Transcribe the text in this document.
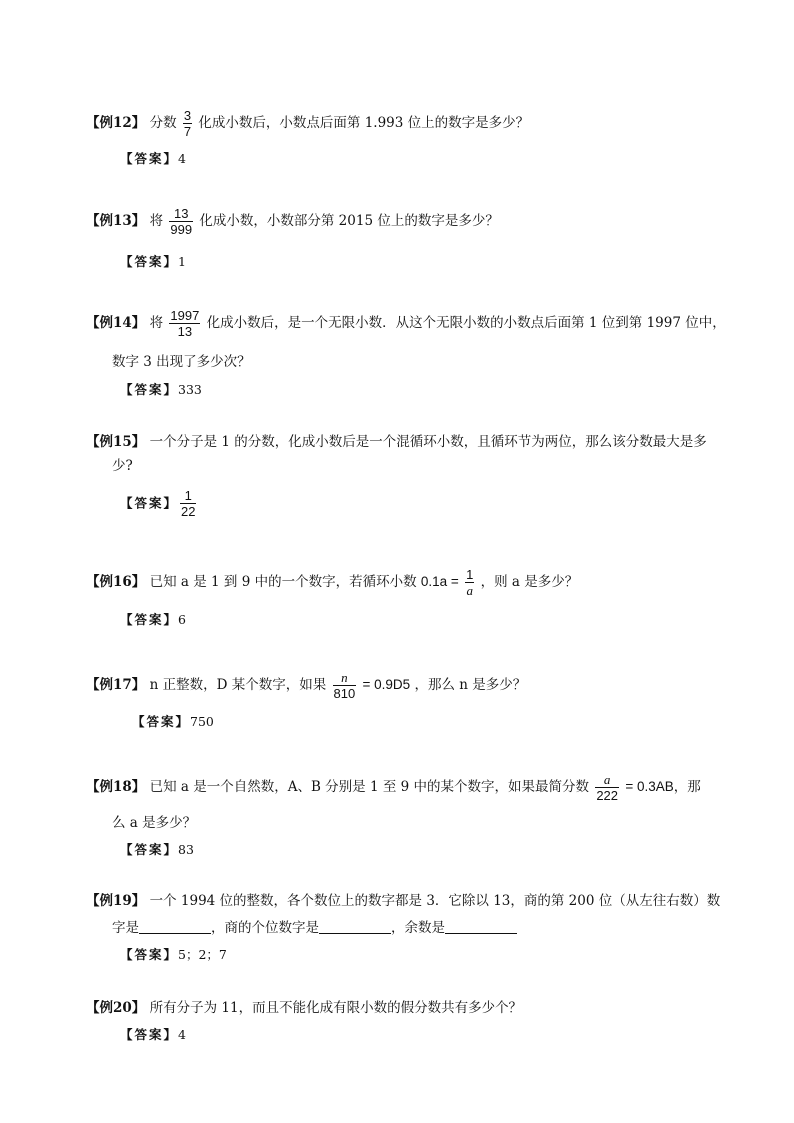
【例12】 分数 $\frac{3}{7}$ 化成小数后，小数点后面第 1.993 位上的数字是多少？
【答案】4
【例13】 将 $\frac{13}{999}$ 化成小数，小数部分第 2015 位上的数字是多少？
【答案】1
【例14】 将 $\frac{1997}{13}$ 化成小数后，是一个无限小数．从这个无限小数的小数点后面第 1 位到第 1997 位中，
数字 3 出现了多少次？
【答案】333
【例15】 一个分子是 1 的分数，化成小数后是一个混循环小数，且循环节为两位，那么该分数最大是多
少?
【答案】 $\frac{1}{22}$
【例16】 已知 a 是 1 到 9 中的一个数字，若循环小数 $0.1a = \frac{1}{a}$ ，则 a 是多少？
【答案】6
【例17】 n 正整数，D 某个数字，如果 $\frac{n}{810} = 0.9D5$ ，那么 n 是多少？
【答案】750
【例18】 已知 a 是一个自然数，A、B 分别是 1 至 9 中的某个数字，如果最简分数 $\frac{a}{222} = 0.3AB$，那
么 a 是多少？
【答案】83
【例19】 一个 1994 位的整数，各个数位上的数字都是 3．它除以 13，商的第 200 位（从左往右数）数
字是	，商的个位数字是	，余数是
【答案】5；2；7
【例20】 所有分子为 11，而且不能化成有限小数的假分数共有多少个？
【答案】4
